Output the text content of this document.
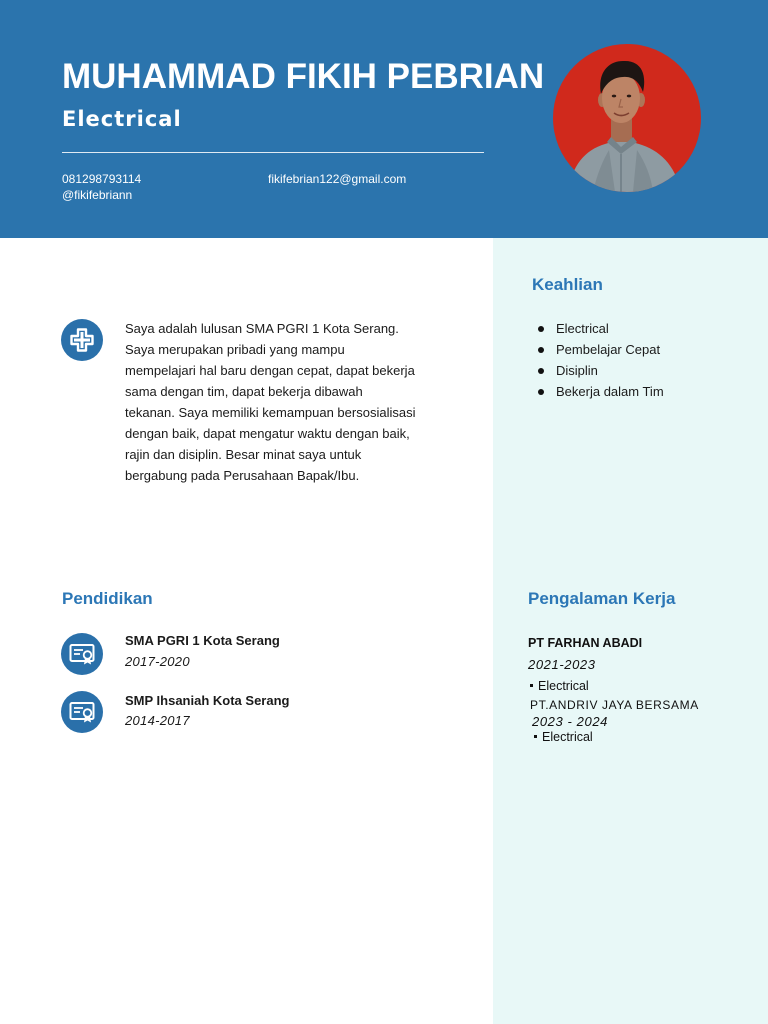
MUHAMMAD FIKIH PEBRIAN
Electrical
081298793114
@fikifebriann
fikifebrian122@gmail.com
Saya adalah lulusan SMA PGRI 1 Kota Serang.
Saya merupakan pribadi yang mampu
mempelajari hal baru dengan cepat, dapat bekerja
sama dengan tim, dapat bekerja dibawah
tekanan. Saya memiliki kemampuan bersosialisasi
dengan baik, dapat mengatur waktu dengan baik,
rajin dan disiplin. Besar minat saya untuk
bergabung pada Perusahaan Bapak/Ibu.
Keahlian
Electrical
Pembelajar Cepat
Disiplin
Bekerja dalam Tim
Pendidikan
SMA PGRI 1 Kota Serang
2017-2020
SMP Ihsaniah Kota Serang
2014-2017
Pengalaman Kerja
PT FARHAN ABADI
2021-2023
Electrical
PT.ANDRIV JAYA BERSAMA
2023 - 2024
Electrical
